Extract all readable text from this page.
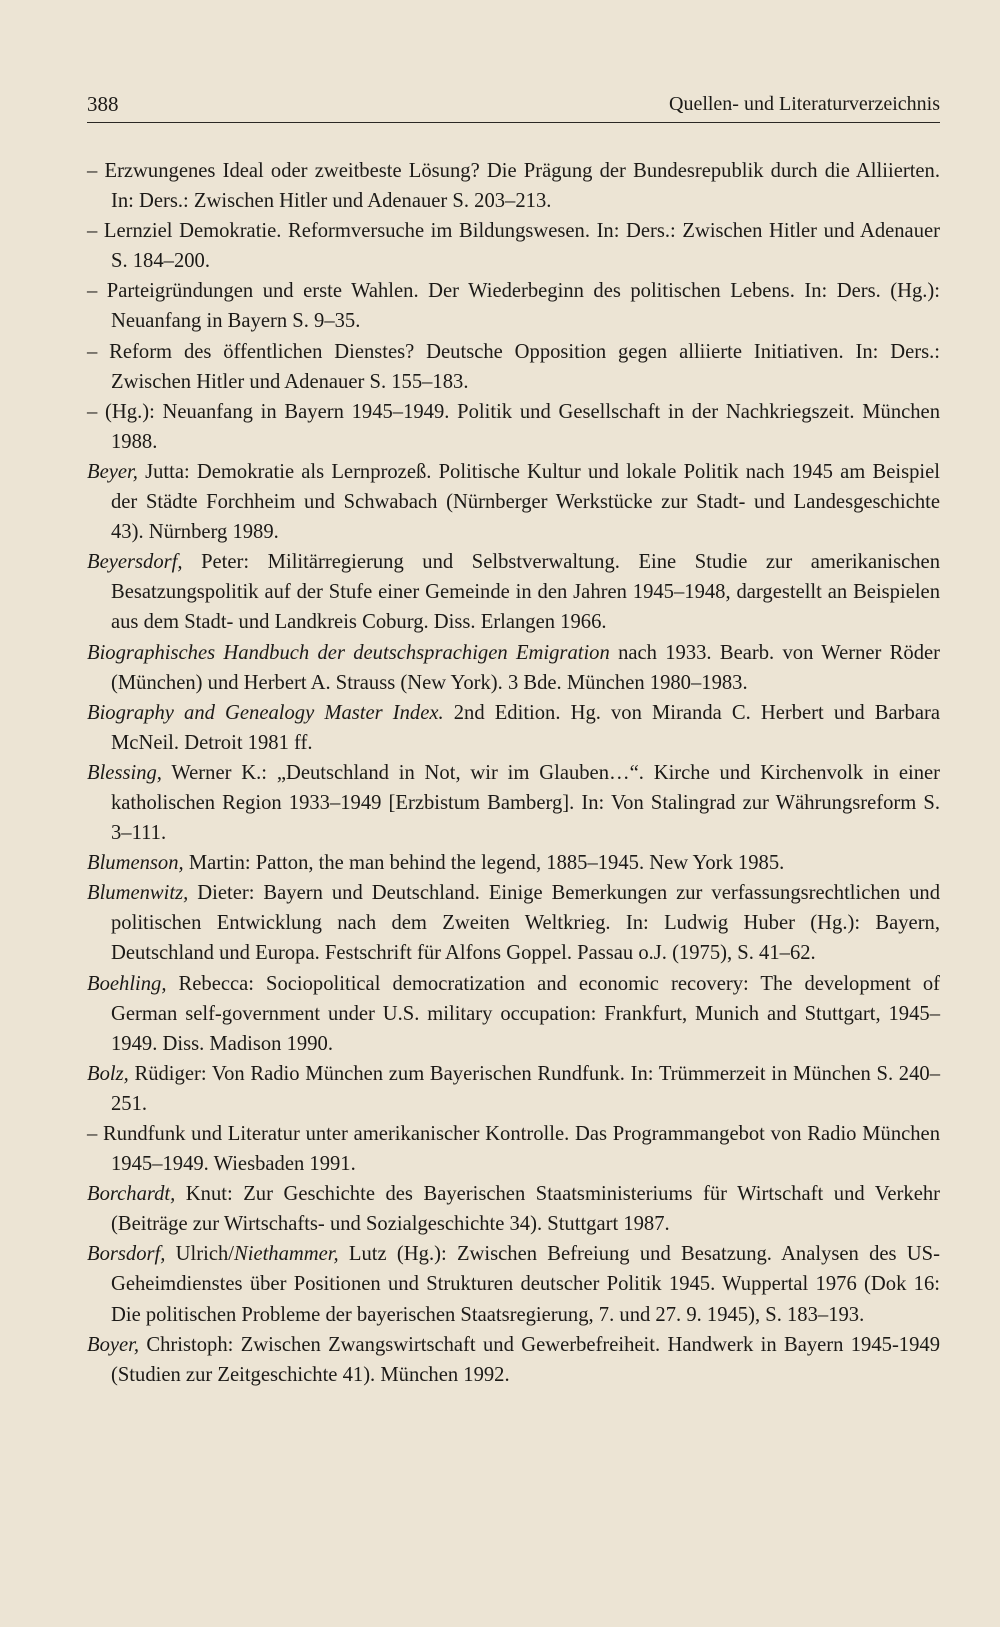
388	Quellen- und Literaturverzeichnis

– Erzwungenes Ideal oder zweitbeste Lösung? Die Prägung der Bundesrepublik durch die Alliierten. In: Ders.: Zwischen Hitler und Adenauer S. 203–213.

– Lernziel Demokratie. Reformversuche im Bildungswesen. In: Ders.: Zwischen Hitler und Adenauer S. 184–200.

– Parteigründungen und erste Wahlen. Der Wiederbeginn des politischen Lebens. In: Ders. (Hg.): Neuanfang in Bayern S. 9–35.

– Reform des öffentlichen Dienstes? Deutsche Opposition gegen alliierte Initiativen. In: Ders.: Zwischen Hitler und Adenauer S. 155–183.

– (Hg.): Neuanfang in Bayern 1945–1949. Politik und Gesellschaft in der Nachkriegszeit. München 1988.

Beyer, Jutta: Demokratie als Lernprozeß. Politische Kultur und lokale Politik nach 1945 am Beispiel der Städte Forchheim und Schwabach (Nürnberger Werkstücke zur Stadt- und Landesgeschichte 43). Nürnberg 1989.

Beyersdorf, Peter: Militärregierung und Selbstverwaltung. Eine Studie zur amerikanischen Besatzungspolitik auf der Stufe einer Gemeinde in den Jahren 1945–1948, dargestellt an Beispielen aus dem Stadt- und Landkreis Coburg. Diss. Erlangen 1966.

Biographisches Handbuch der deutschsprachigen Emigration nach 1933. Bearb. von Werner Röder (München) und Herbert A. Strauss (New York). 3 Bde. München 1980–1983.

Biography and Genealogy Master Index. 2nd Edition. Hg. von Miranda C. Herbert und Barbara McNeil. Detroit 1981 ff.

Blessing, Werner K.: „Deutschland in Not, wir im Glauben…“. Kirche und Kirchenvolk in einer katholischen Region 1933–1949 [Erzbistum Bamberg]. In: Von Stalingrad zur Währungsreform S. 3–111.

Blumenson, Martin: Patton, the man behind the legend, 1885–1945. New York 1985.

Blumenwitz, Dieter: Bayern und Deutschland. Einige Bemerkungen zur verfassungsrechtlichen und politischen Entwicklung nach dem Zweiten Weltkrieg. In: Ludwig Huber (Hg.): Bayern, Deutschland und Europa. Festschrift für Alfons Goppel. Passau o.J. (1975), S. 41–62.

Boehling, Rebecca: Sociopolitical democratization and economic recovery: The development of German self-government under U.S. military occupation: Frankfurt, Munich and Stuttgart, 1945–1949. Diss. Madison 1990.

Bolz, Rüdiger: Von Radio München zum Bayerischen Rundfunk. In: Trümmerzeit in München S. 240–251.

– Rundfunk und Literatur unter amerikanischer Kontrolle. Das Programmangebot von Radio München 1945–1949. Wiesbaden 1991.

Borchardt, Knut: Zur Geschichte des Bayerischen Staatsministeriums für Wirtschaft und Verkehr (Beiträge zur Wirtschafts- und Sozialgeschichte 34). Stuttgart 1987.

Borsdorf, Ulrich/Niethammer, Lutz (Hg.): Zwischen Befreiung und Besatzung. Analysen des US-Geheimdienstes über Positionen und Strukturen deutscher Politik 1945. Wuppertal 1976 (Dok 16: Die politischen Probleme der bayerischen Staatsregierung, 7. und 27. 9. 1945), S. 183–193.

Boyer, Christoph: Zwischen Zwangswirtschaft und Gewerbefreiheit. Handwerk in Bayern 1945-1949 (Studien zur Zeitgeschichte 41). München 1992.
